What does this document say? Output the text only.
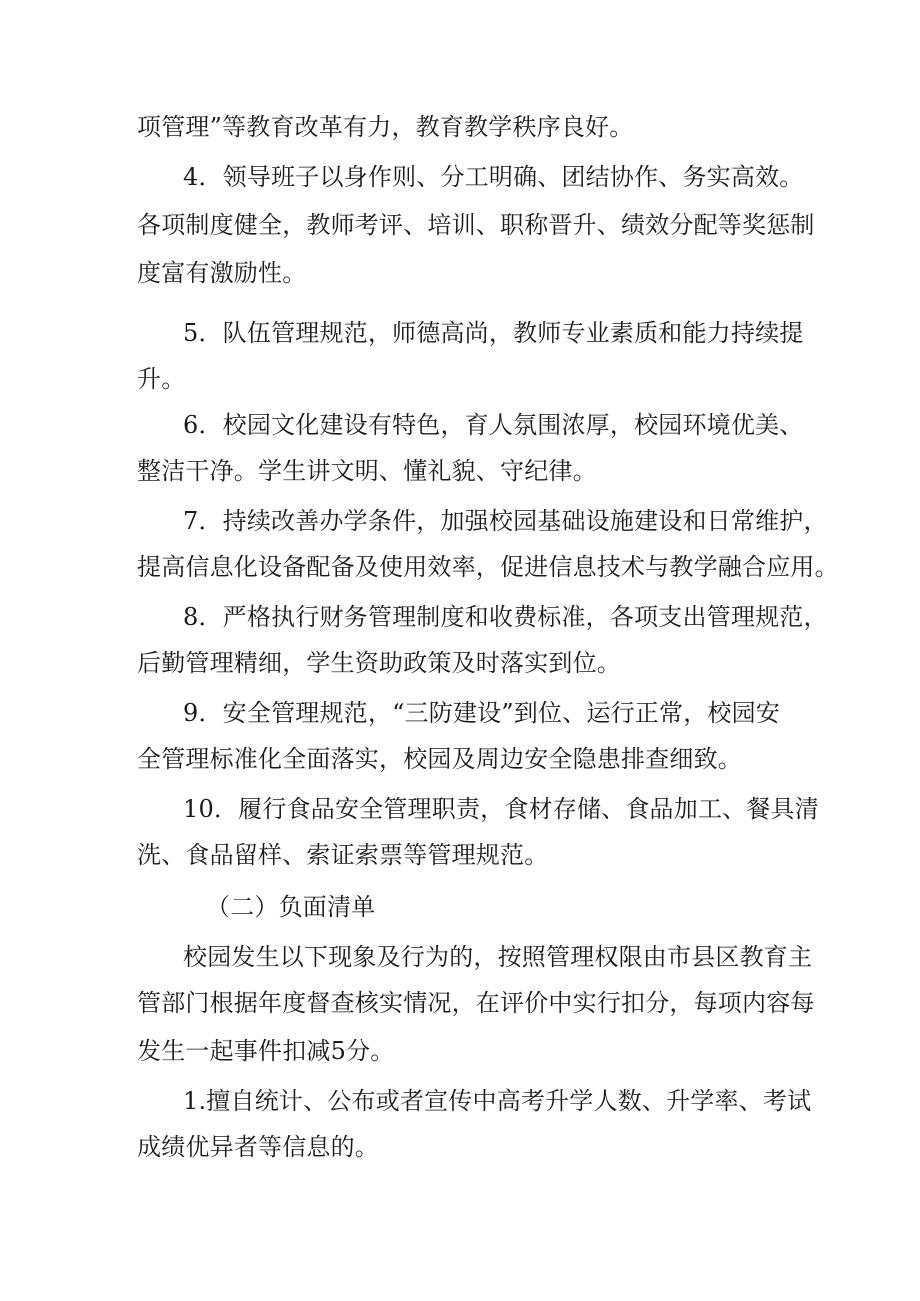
项管理”等教育改革有力，教育教学秩序良好。
4．领导班子以身作则、分工明确、团结协作、务实高效。
各项制度健全，教师考评、培训、职称晋升、绩效分配等奖惩制
度富有激励性。
5．队伍管理规范，师德高尚，教师专业素质和能力持续提
升。
6．校园文化建设有特色，育人氛围浓厚，校园环境优美、
整洁干净。学生讲文明、懂礼貌、守纪律。
7．持续改善办学条件，加强校园基础设施建设和日常维护，
提高信息化设备配备及使用效率，促进信息技术与教学融合应用。
8．严格执行财务管理制度和收费标准，各项支出管理规范，
后勤管理精细，学生资助政策及时落实到位。
9．安全管理规范，“三防建设”到位、运行正常，校园安
全管理标准化全面落实，校园及周边安全隐患排查细致。
10．履行食品安全管理职责，食材存储、食品加工、餐具清
洗、食品留样、索证索票等管理规范。
（二）负面清单
校园发生以下现象及行为的，按照管理权限由市县区教育主
管部门根据年度督查核实情况，在评价中实行扣分，每项内容每
发生一起事件扣减5分。
1.擅自统计、公布或者宣传中高考升学人数、升学率、考试
成绩优异者等信息的。
